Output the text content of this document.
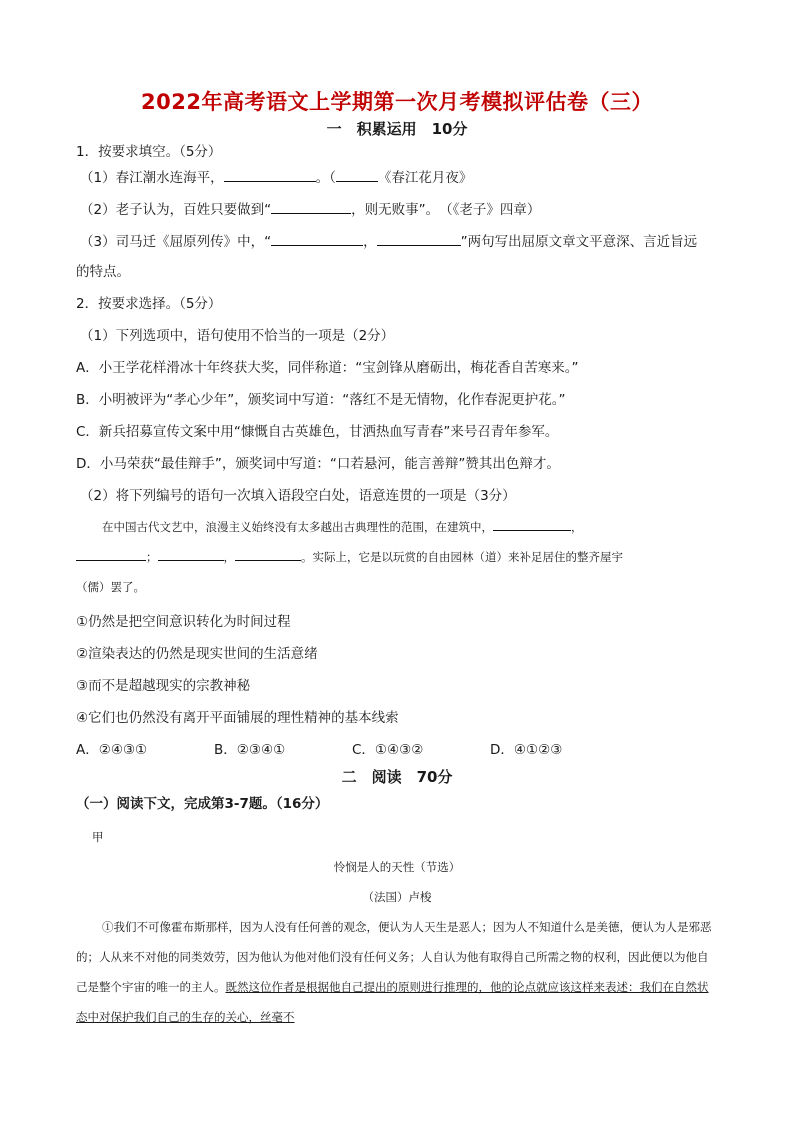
2022年高考语文上学期第一次月考模拟评估卷（三）
一　积累运用　10分
1．按要求填空。（5分）
（1）春江潮水连海平，	。（	《春江花月夜》
（2）老子认为，百姓只要做到“	，则无败事”。　（《老子》四章）
（3）司马迁《屈原列传》中，“	，	”两句写出屈原文章文平意深、言近旨远
的特点。
2．按要求选择。（5分）
（1）下列选项中，语句使用不恰当的一项是（2分）
A．小王学花样滑冰十年终获大奖，同伴称道：“宝剑锋从磨砺出，梅花香自苦寒来。”
B．小明被评为“孝心少年”，颁奖词中写道：“落红不是无情物，化作春泥更护花。”
C．新兵招募宣传文案中用“慷慨自古英雄色，甘洒热血写青春”来号召青年参军。
D．小马荣获“最佳辩手”，颁奖词中写道：“口若悬河，能言善辩”赞其出色辩才。
（2）将下列编号的语句一次填入语段空白处，语意连贯的一项是（3分）

在中国古代文艺中，浪漫主义始终没有太多越出古典理性的范围，在建筑中，	，

；	，	。实际上，它是以玩赏的自由园林（道）来补足居住的整齐屋宇

（儒）罢了。

①仍然是把空间意识转化为时间过程
②渲染表达的仍然是现实世间的生活意绪
③而不是超越现实的宗教神秘
④它们也仍然没有离开平面铺展的理性精神的基本线索
A．②④③①	B．②③④①	C．①④③②	D．④①②③
二　阅读　70分
（一）阅读下文，完成第3-7题。（16分）

甲

怜悯是人的天性（节选）

（法国）卢梭

①我们不可像霍布斯那样，因为人没有任何善的观念，便认为人天生是恶人；因为人不知道什么是美德，便认为人是邪恶的；人从来不对他的同类效劳，因为他认为他对他们没有任何义务；人自认为他有取得自己所需之物的权利，因此便以为他自己是整个宇宙的唯一的主人。既然这位作者是根据他自己提出的原则进行推理的，他的论点就应该这样来表述：我们在自然状态中对保护我们自己的生存的关心，丝毫不
